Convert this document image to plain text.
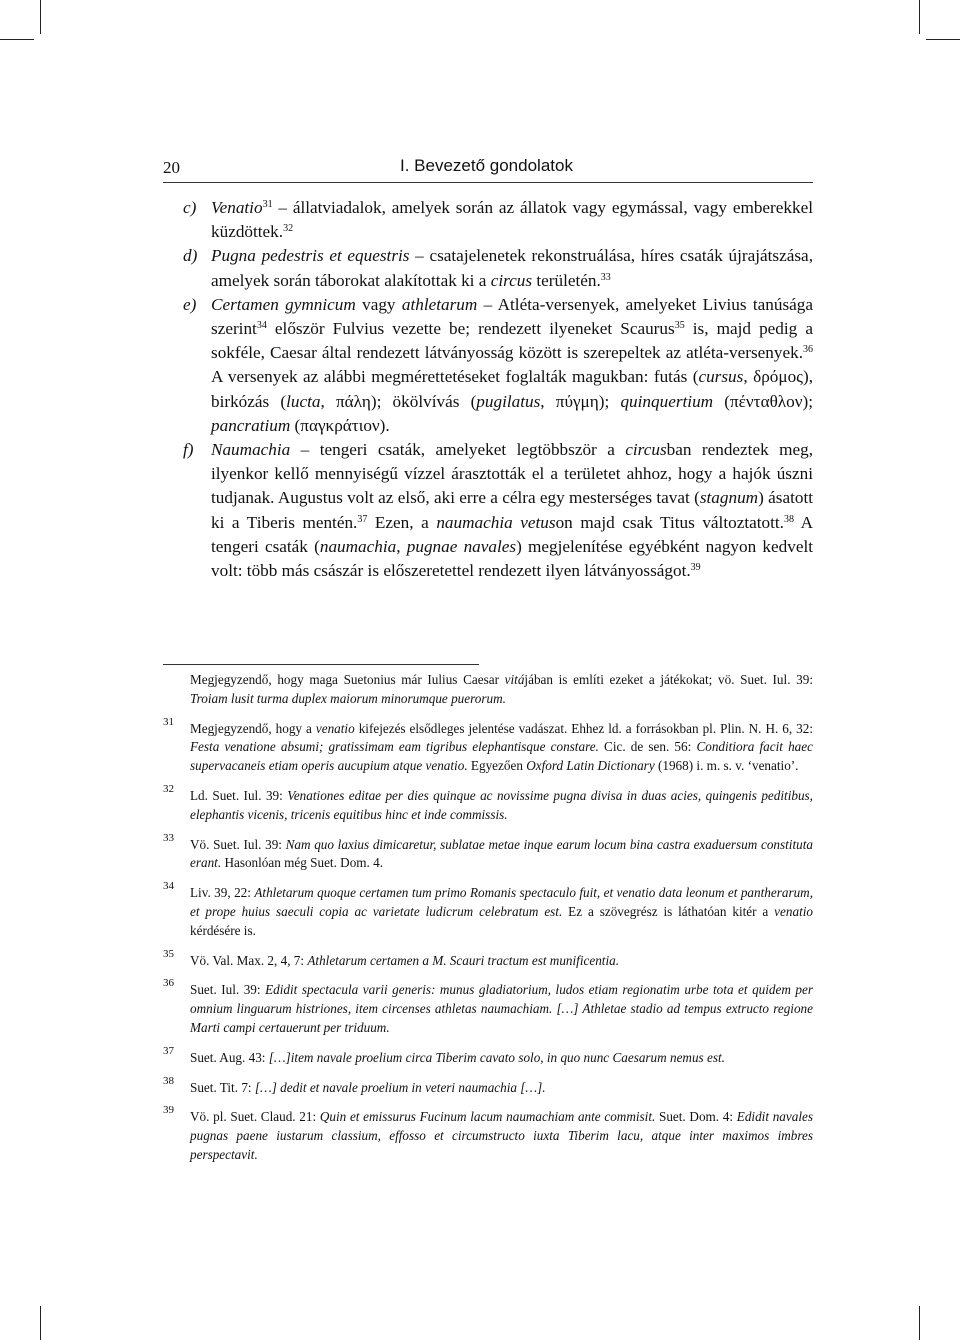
20	I. Bevezető gondolatok
c) Venatio$^{31}$ – állatviadalok, amelyek során az állatok vagy egymással, vagy emberekkel küzdöttek.$^{32}$

d) Pugna pedestris et equestris – csatajelenetek rekonstruálása, híres csaták újrajátszása, amelyek során táborokat alakítottak ki a circus területén.$^{33}$

e) Certamen gymnicum vagy athletarum – Atléta-versenyek, amelyeket Livius tanúsága szerint$^{34}$ először Fulvius vezette be; rendezett ilyeneket Scaurus$^{35}$ is, majd pedig a sokféle, Caesar által rendezett látványosság között is szerepeltek az atléta-versenyek.$^{36}$ A versenyek az alábbi megmérettetéseket foglalták magukban: futás (cursus, δρόμος), birkózás (lucta, πάλη); ökölvívás (pugilatus, πύγμη); quinquertium (πένταθλον); pancratium (παγκράτιον).

f) Naumachia – tengeri csaták, amelyeket legtöbbször a circusban rendeztek meg, ilyenkor kellő mennyiségű vízzel árasztották el a területet ahhoz, hogy a hajók úszni tudjanak. Augustus volt az első, aki erre a célra egy mesterséges tavat (stagnum) ásatott ki a Tiberis mentén.$^{37}$ Ezen, a naumachia vetuson majd csak Titus változtatott.$^{38}$ A tengeri csaták (naumachia, pugnae navales) megjelenítése egyébként nagyon kedvelt volt: több más császár is előszeretettel rendezett ilyen látványosságot.$^{39}$

Megjegyzendő, hogy maga Suetonius már Iulius Caesar vitájában is említi ezeket a játékokat; vö. Suet. Iul. 39: Troiam lusit turma duplex maiorum minorumque puerorum.

31 Megjegyzendő, hogy a venatio kifejezés elsődleges jelentése vadászat. Ehhez ld. a forrásokban pl. Plin. N. H. 6, 32: Festa venatione absumi; gratissimam eam tigribus elephantisque constare. Cic. de sen. 56: Conditiora facit haec supervacaneis etiam operis aucupium atque venatio. Egyezően Oxford Latin Dictionary (1968) i. m. s. v. ‘venatio’.

32 Ld. Suet. Iul. 39: Venationes editae per dies quinque ac novissime pugna divisa in duas acies, quingenis peditibus, elephantis vicenis, tricenis equitibus hinc et inde commissis.

33 Vö. Suet. Iul. 39: Nam quo laxius dimicaretur, sublatae metae inque earum locum bina castra exaduersum constituta erant. Hasonlóan még Suet. Dom. 4.

34 Liv. 39, 22: Athletarum quoque certamen tum primo Romanis spectaculo fuit, et venatio data leonum et pantherarum, et prope huius saeculi copia ac varietate ludicrum celebratum est. Ez a szövegrész is láthatóan kitér a venatio kérdésére is.

35 Vö. Val. Max. 2, 4, 7: Athletarum certamen a M. Scauri tractum est munificentia.

36 Suet. Iul. 39: Edidit spectacula varii generis: munus gladiatorium, ludos etiam regionatim urbe tota et quidem per omnium linguarum histriones, item circenses athletas naumachiam. […] Athletae stadio ad tempus extructo regione Marti campi certauerunt per triduum.

37 Suet. Aug. 43: […]item navale proelium circa Tiberim cavato solo, in quo nunc Caesarum nemus est.

38 Suet. Tit. 7: […] dedit et navale proelium in veteri naumachia […].

39 Vö. pl. Suet. Claud. 21: Quin et emissurus Fucinum lacum naumachiam ante commisit. Suet. Dom. 4: Edidit navales pugnas paene iustarum classium, effosso et circumstructo iuxta Tiberim lacu, atque inter maximos imbres perspectavit.
